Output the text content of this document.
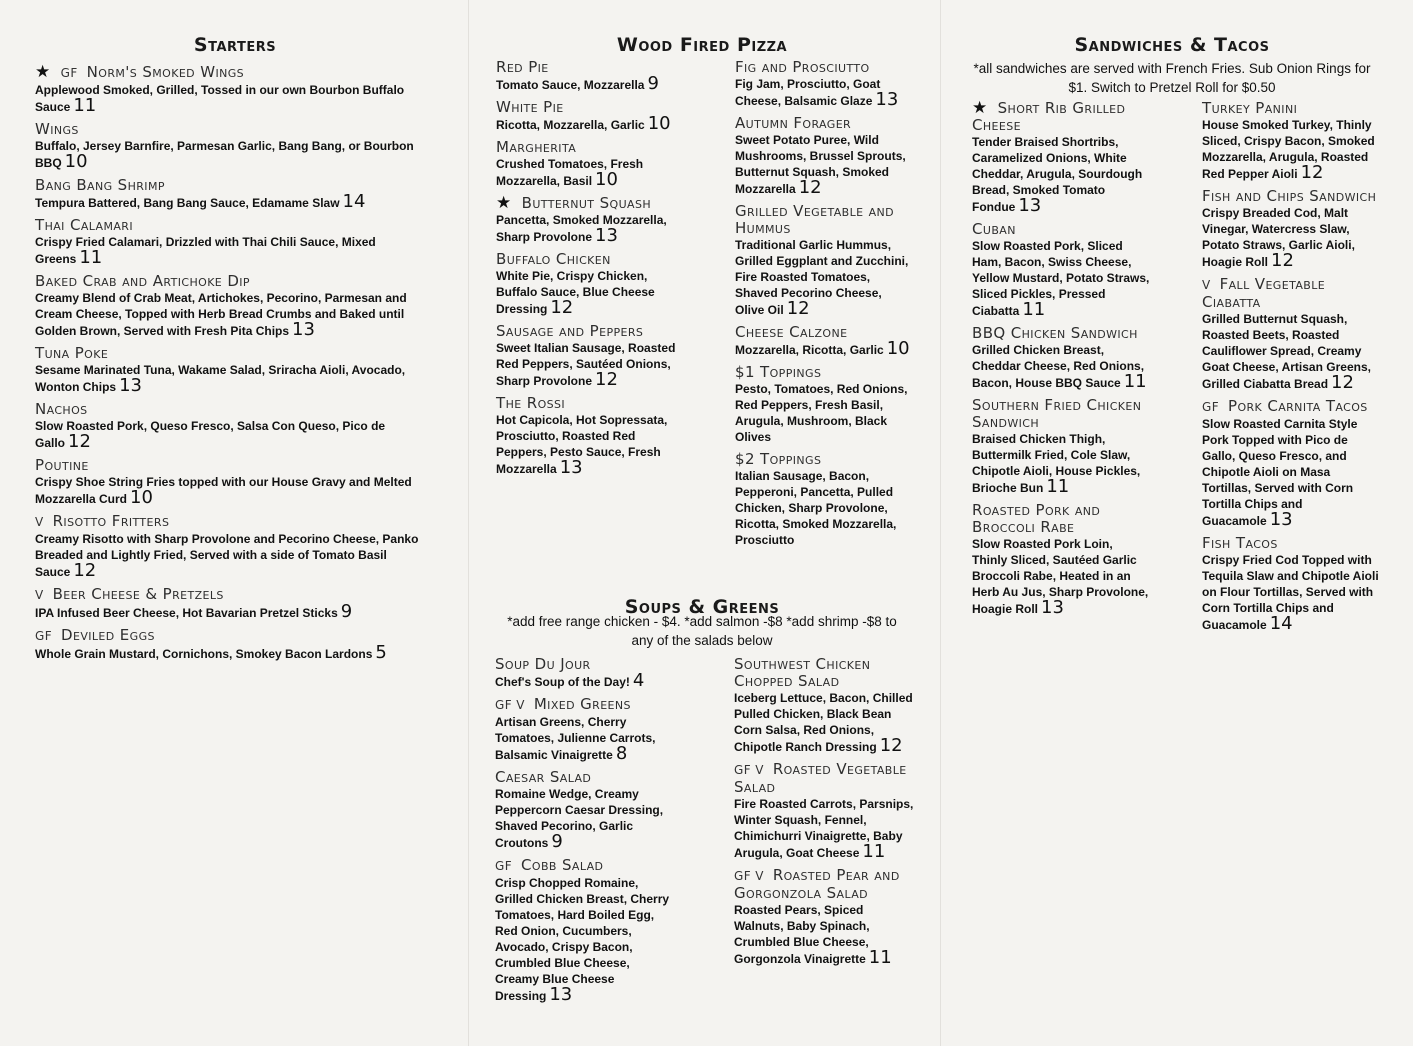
Starters
★ GF Norm's Smoked Wings
Applewood Smoked, Grilled, Tossed in our own Bourbon Buffalo Sauce 11
Wings
Buffalo, Jersey Barnfire, Parmesan Garlic, Bang Bang, or Bourbon BBQ 10
Bang Bang Shrimp
Tempura Battered, Bang Bang Sauce, Edamame Slaw 14
Thai Calamari
Crispy Fried Calamari, Drizzled with Thai Chili Sauce, Mixed Greens 11
Baked Crab and Artichoke Dip
Creamy Blend of Crab Meat, Artichokes, Pecorino, Parmesan and Cream Cheese, Topped with Herb Bread Crumbs and Baked until Golden Brown, Served with Fresh Pita Chips 13
Tuna Poke
Sesame Marinated Tuna, Wakame Salad, Sriracha Aioli, Avocado, Wonton Chips 13
Nachos
Slow Roasted Pork, Queso Fresco, Salsa Con Queso, Pico de Gallo 12
Poutine
Crispy Shoe String Fries topped with our House Gravy and Melted Mozzarella Curd 10
V Risotto Fritters
Creamy Risotto with Sharp Provolone and Pecorino Cheese, Panko Breaded and Lightly Fried, Served with a side of Tomato Basil Sauce 12
V Beer Cheese & Pretzels
IPA Infused Beer Cheese, Hot Bavarian Pretzel Sticks 9
GF Deviled Eggs
Whole Grain Mustard, Cornichons, Smokey Bacon Lardons 5
Wood Fired Pizza
Red Pie
Tomato Sauce, Mozzarella 9
White Pie
Ricotta, Mozzarella, Garlic 10
Margherita
Crushed Tomatoes, Fresh Mozzarella, Basil 10
★ Butternut Squash
Pancetta, Smoked Mozzarella, Sharp Provolone 13
Buffalo Chicken
White Pie, Crispy Chicken, Buffalo Sauce, Blue Cheese Dressing 12
Sausage and Peppers
Sweet Italian Sausage, Roasted Red Peppers, Sautéed Onions, Sharp Provolone 12
The Rossi
Hot Capicola, Hot Sopressata, Prosciutto, Roasted Red Peppers, Pesto Sauce, Fresh Mozzarella 13
Fig and Prosciutto
Fig Jam, Prosciutto, Goat Cheese, Balsamic Glaze 13
Autumn Forager
Sweet Potato Puree, Wild Mushrooms, Brussel Sprouts, Butternut Squash, Smoked Mozzarella 12
Grilled Vegetable and Hummus
Traditional Garlic Hummus, Grilled Eggplant and Zucchini, Fire Roasted Tomatoes, Shaved Pecorino Cheese, Olive Oil 12
Cheese Calzone
Mozzarella, Ricotta, Garlic 10
$1 Toppings
Pesto, Tomatoes, Red Onions, Red Peppers, Fresh Basil, Arugula, Mushroom, Black Olives
$2 Toppings
Italian Sausage, Bacon, Pepperoni, Pancetta, Pulled Chicken, Sharp Provolone, Ricotta, Smoked Mozzarella, Prosciutto
Soups & Greens
*add free range chicken - $4. *add salmon -$8 *add shrimp -$8 to any of the salads below
Soup Du Jour
Chef's Soup of the Day! 4
GF V Mixed Greens
Artisan Greens, Cherry Tomatoes, Julienne Carrots, Balsamic Vinaigrette 8
Caesar Salad
Romaine Wedge, Creamy Peppercorn Caesar Dressing, Shaved Pecorino, Garlic Croutons 9
GF Cobb Salad
Crisp Chopped Romaine, Grilled Chicken Breast, Cherry Tomatoes, Hard Boiled Egg, Red Onion, Cucumbers, Avocado, Crispy Bacon, Crumbled Blue Cheese, Creamy Blue Cheese Dressing 13
Southwest Chicken Chopped Salad
Iceberg Lettuce, Bacon, Chilled Pulled Chicken, Black Bean Corn Salsa, Red Onions, Chipotle Ranch Dressing 12
GF V Roasted Vegetable Salad
Fire Roasted Carrots, Parsnips, Winter Squash, Fennel, Chimichurri Vinaigrette, Baby Arugula, Goat Cheese 11
GF V Roasted Pear and Gorgonzola Salad
Roasted Pears, Spiced Walnuts, Baby Spinach, Crumbled Blue Cheese, Gorgonzola Vinaigrette 11
Sandwiches & Tacos
*all sandwiches are served with French Fries. Sub Onion Rings for $1. Switch to Pretzel Roll for $0.50
★ Short Rib Grilled Cheese
Tender Braised Shortribs, Caramelized Onions, White Cheddar, Arugula, Sourdough Bread, Smoked Tomato Fondue 13
Cuban
Slow Roasted Pork, Sliced Ham, Bacon, Swiss Cheese, Yellow Mustard, Potato Straws, Sliced Pickles, Pressed Ciabatta 11
BBQ Chicken Sandwich
Grilled Chicken Breast, Cheddar Cheese, Red Onions, Bacon, House BBQ Sauce 11
Southern Fried Chicken Sandwich
Braised Chicken Thigh, Buttermilk Fried, Cole Slaw, Chipotle Aioli, House Pickles, Brioche Bun 11
Roasted Pork and Broccoli Rabe
Slow Roasted Pork Loin, Thinly Sliced, Sautéed Garlic Broccoli Rabe, Heated in an Herb Au Jus, Sharp Provolone, Hoagie Roll 13
Turkey Panini
House Smoked Turkey, Thinly Sliced, Crispy Bacon, Smoked Mozzarella, Arugula, Roasted Red Pepper Aioli 12
Fish and Chips Sandwich
Crispy Breaded Cod, Malt Vinegar, Watercress Slaw, Potato Straws, Garlic Aioli, Hoagie Roll 12
V Fall Vegetable Ciabatta
Grilled Butternut Squash, Roasted Beets, Roasted Cauliflower Spread, Creamy Goat Cheese, Artisan Greens, Grilled Ciabatta Bread 12
GF Pork Carnita Tacos
Slow Roasted Carnita Style Pork Topped with Pico de Gallo, Queso Fresco, and Chipotle Aioli on Masa Tortillas, Served with Corn Tortilla Chips and Guacamole 13
Fish Tacos
Crispy Fried Cod Topped with Tequila Slaw and Chipotle Aioli on Flour Tortillas, Served with Corn Tortilla Chips and Guacamole 14
